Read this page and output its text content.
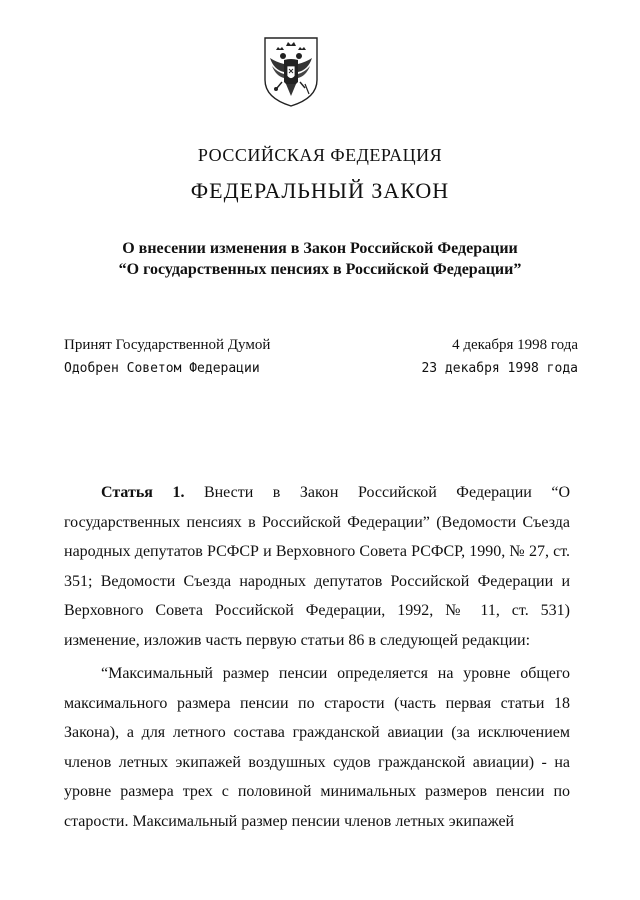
РОССИЙСКАЯ ФЕДЕРАЦИЯ
ФЕДЕРАЛЬНЫЙ ЗАКОН
О внесении изменения в Закон Российской Федерации
“О государственных пенсиях в Российской Федерации”
Принят Государственной Думой	4 декабря 1998 года
Одобрен Советом Федерации	23 декабря 1998 года

Статья 1. Внести в Закон Российской Федерации “О государственных пенсиях в Российской Федерации” (Ведомости Съезда народных депутатов РСФСР и Верховного Совета РСФСР, 1990, № 27, ст. 351; Ведомости Съезда народных депутатов Российской Федерации и Верховного Совета Российской Федерации, 1992, № 11, ст. 531) изменение, изложив часть первую статьи 86 в следующей редакции:

“Максимальный размер пенсии определяется на уровне общего максимального размера пенсии по старости (часть первая статьи 18 Закона), а для летного состава гражданской авиации (за исключением членов летных экипажей воздушных судов гражданской авиации) - на уровне размера трех с половиной минимальных размеров пенсии по старости. Максимальный размер пенсии членов летных экипажей
